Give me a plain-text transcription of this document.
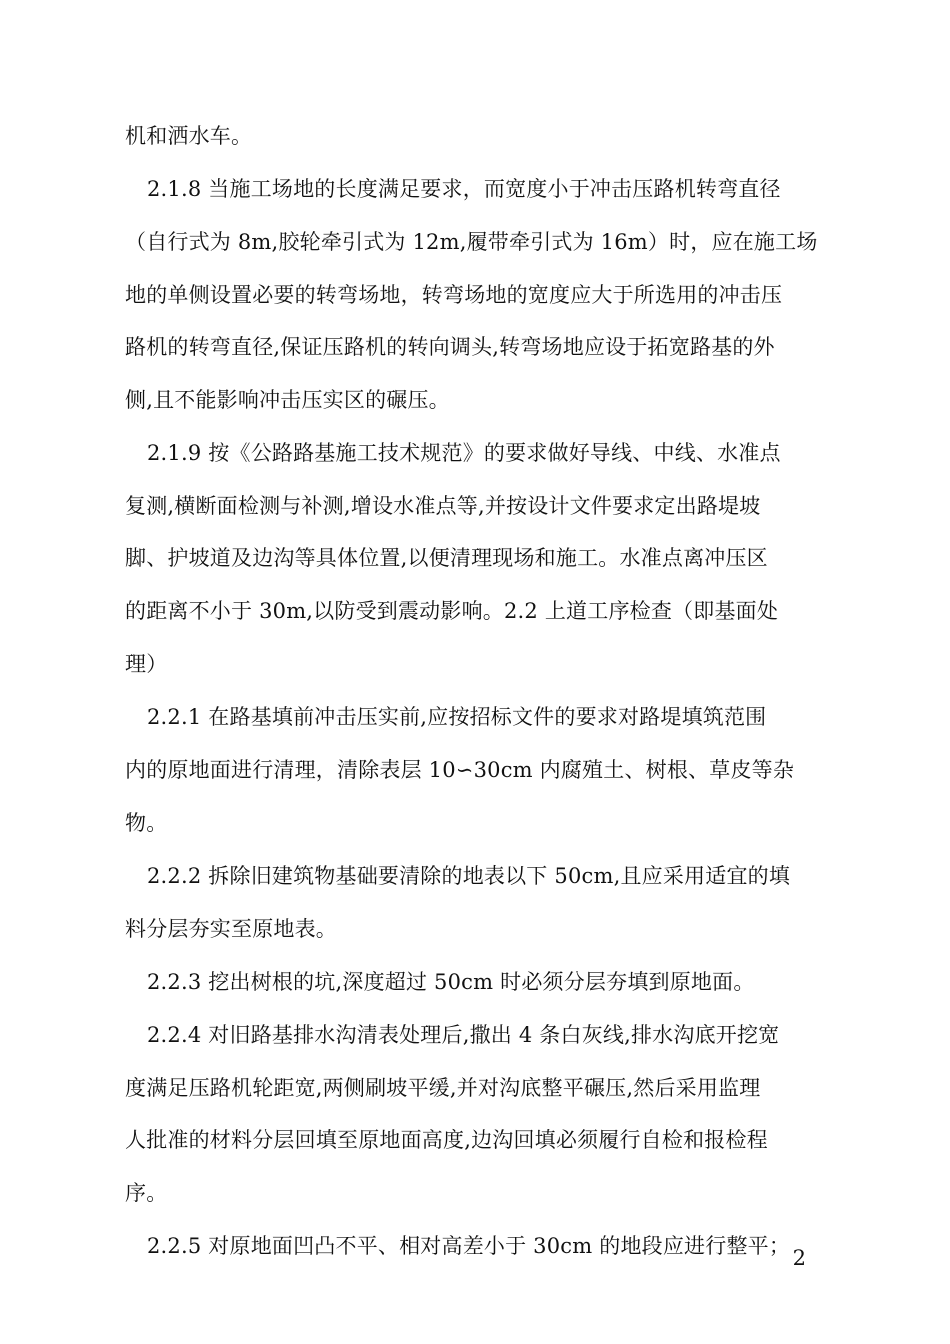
机和洒水车。
2.1.8 当施工场地的长度满足要求，而宽度小于冲击压路机转弯直径
（自行式为 8m,胶轮牵引式为 12m,履带牵引式为 16m）时，应在施工场
地的单侧设置必要的转弯场地，转弯场地的宽度应大于所选用的冲击压
路机的转弯直径,保证压路机的转向调头,转弯场地应设于拓宽路基的外
侧,且不能影响冲击压实区的碾压。
2.1.9 按《公路路基施工技术规范》的要求做好导线、中线、水准点
复测,横断面检测与补测,增设水准点等,并按设计文件要求定出路堤坡
脚、护坡道及边沟等具体位置,以便清理现场和施工。水准点离冲压区
的距离不小于 30m,以防受到震动影响。2.2 上道工序检查（即基面处
理）
2.2.1 在路基填前冲击压实前,应按招标文件的要求对路堤填筑范围
内的原地面进行清理，清除表层 10∽30cm 内腐殖土、树根、草皮等杂
物。
2.2.2 拆除旧建筑物基础要清除的地表以下 50cm,且应采用适宜的填
料分层夯实至原地表。
2.2.3 挖出树根的坑,深度超过 50cm 时必须分层夯填到原地面。
2.2.4 对旧路基排水沟清表处理后,撒出 4 条白灰线,排水沟底开挖宽
度满足压路机轮距宽,两侧刷坡平缓,并对沟底整平碾压,然后采用监理
人批准的材料分层回填至原地面高度,边沟回填必须履行自检和报检程
序。
2.2.5 对原地面凹凸不平、相对高差小于 30cm 的地段应进行整平； 2
